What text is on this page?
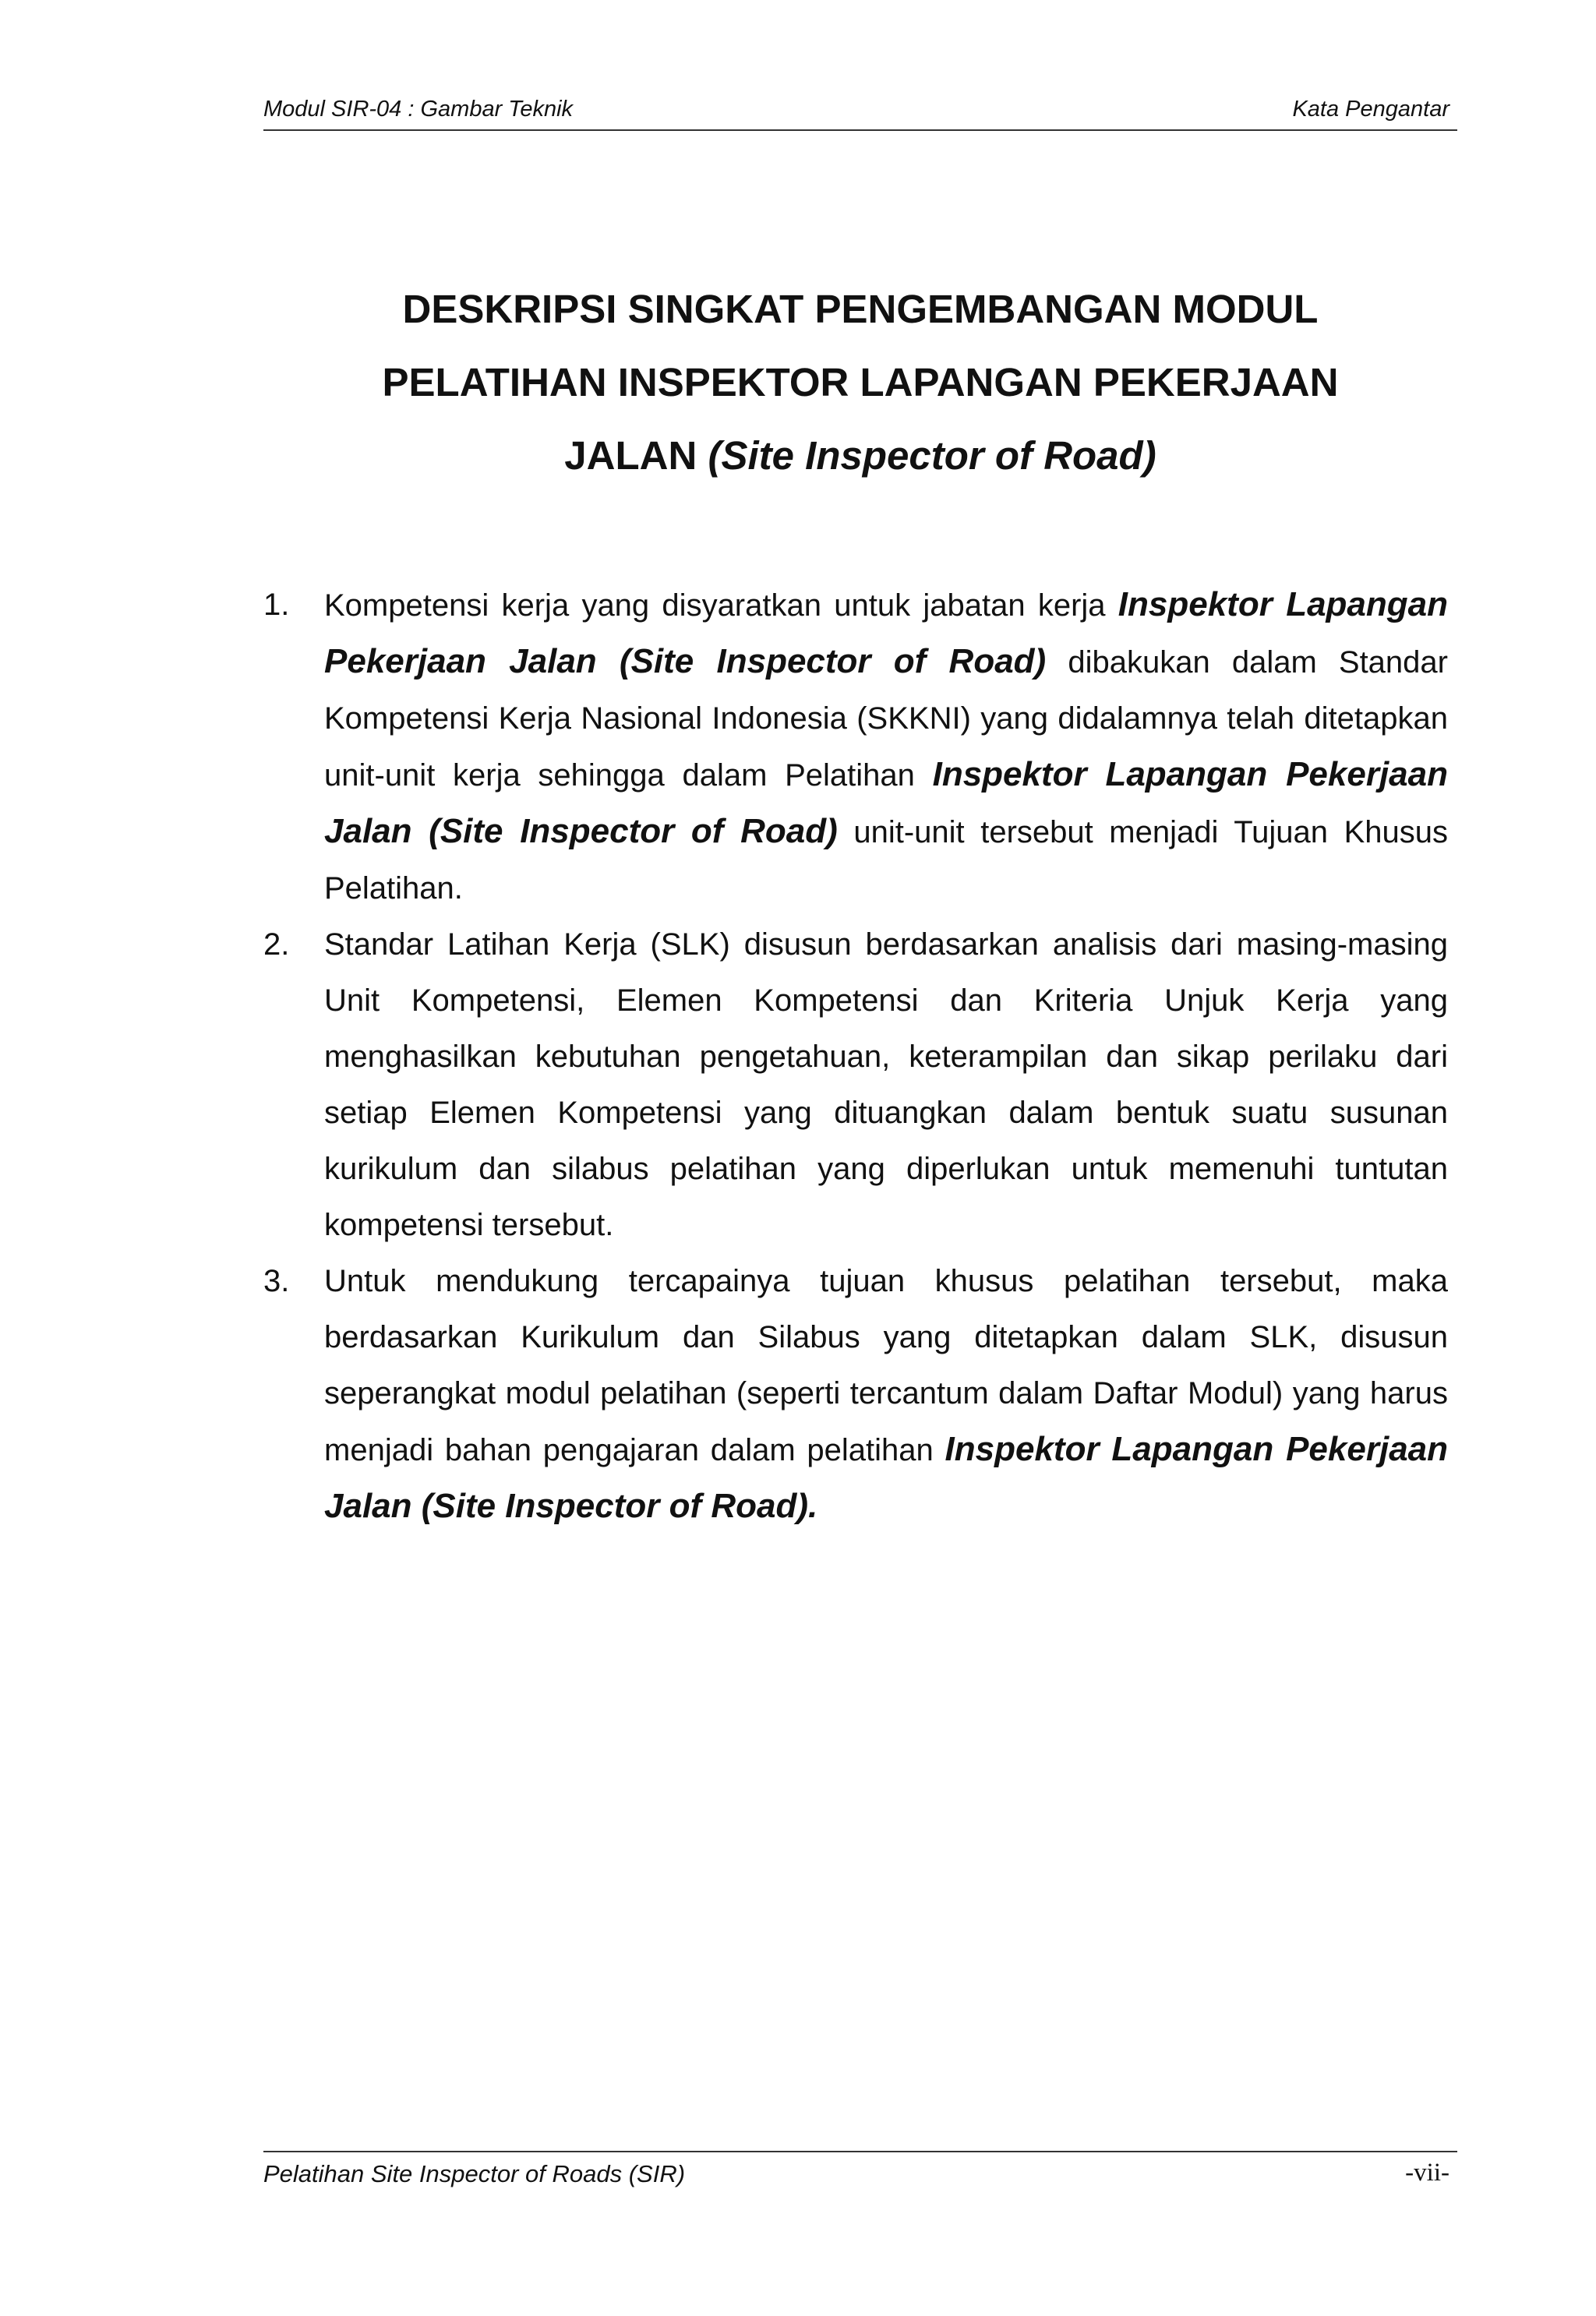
Modul SIR-04 : Gambar Teknik	Kata Pengantar
DESKRIPSI SINGKAT PENGEMBANGAN MODUL
PELATIHAN INSPEKTOR LAPANGAN PEKERJAAN
JALAN (Site Inspector of Road)
1. Kompetensi kerja yang disyaratkan untuk jabatan kerja Inspektor Lapangan Pekerjaan Jalan (Site Inspector of Road) dibakukan dalam Standar Kompetensi Kerja Nasional Indonesia (SKKNI) yang didalamnya telah ditetapkan unit-unit kerja sehingga dalam Pelatihan Inspektor Lapangan Pekerjaan Jalan (Site Inspector of Road) unit-unit tersebut menjadi Tujuan Khusus Pelatihan.
2. Standar Latihan Kerja (SLK) disusun berdasarkan analisis dari masing-masing Unit Kompetensi, Elemen Kompetensi dan Kriteria Unjuk Kerja yang menghasilkan kebutuhan pengetahuan, keterampilan dan sikap perilaku dari setiap Elemen Kompetensi yang dituangkan dalam bentuk suatu susunan kurikulum dan silabus pelatihan yang diperlukan untuk memenuhi tuntutan kompetensi tersebut.
3. Untuk mendukung tercapainya tujuan khusus pelatihan tersebut, maka berdasarkan Kurikulum dan Silabus yang ditetapkan dalam SLK, disusun seperangkat modul pelatihan (seperti tercantum dalam Daftar Modul) yang harus menjadi bahan pengajaran dalam pelatihan Inspektor Lapangan Pekerjaan Jalan (Site Inspector of Road).
Pelatihan Site Inspector of Roads (SIR)	-vii-
